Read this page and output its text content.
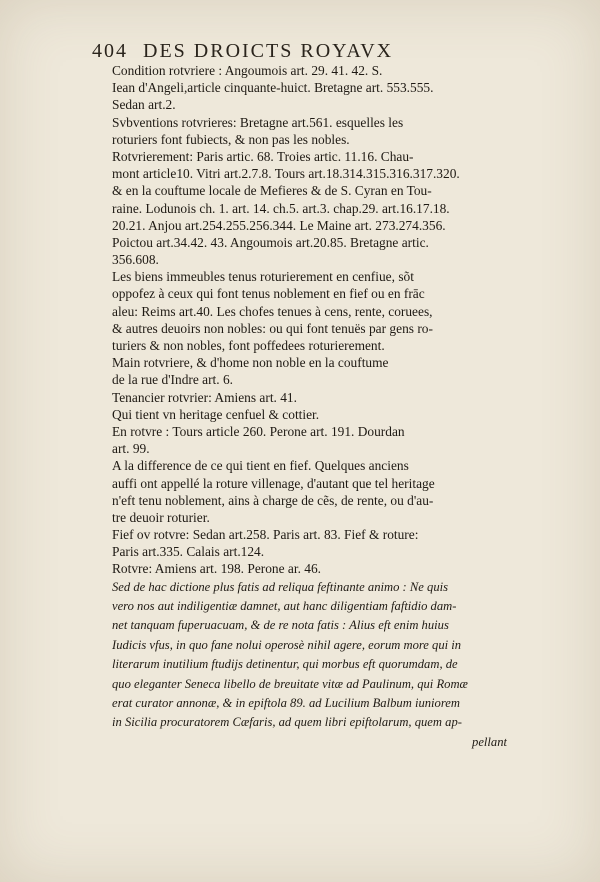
404 DES DROICTS ROYAVX
Condition rotvriere : Angoumois art. 29. 41. 42. S.
Iean d'Angeli,article cinquante-huict. Bretagne art. 553.555.
Sedan art.2.
Svbventions rotvrieres: Bretagne art.561. esquelles les
roturiers font fubiects, & non pas les nobles.
Rotvrierement: Paris artic. 68. Troies artic. 11.16. Chau-
mont article10. Vitri art.2.7.8. Tours art.18.314.315.316.317.320.
& en la couftume locale de Mefieres & de S. Cyran en Tou-
raine. Lodunois ch. 1. art. 14. ch.5. art.3. chap.29. art.16.17.18.
20.21. Anjou art.254.255.256.344. Le Maine art. 273.274.356.
Poictou art.34.42. 43. Angoumois art.20.85. Bretagne artic.
356.608.
Les biens immeubles tenus roturierement en cenfiue, sõt
oppofez à ceux qui font tenus noblement en fief ou en frāc
aleu: Reims art.40. Les chofes tenues à cens, rente, coruees,
& autres deuoirs non nobles: ou qui font tenuës par gens ro-
turiers & non nobles, font poffedees roturierement.
Main rotvriere, & d'home non noble en la couftume
de la rue d'Indre art. 6.
Tenancier rotvrier: Amiens art. 41.
Qui tient vn heritage cenfuel & cottier.
En rotvre : Tours article 260. Perone art. 191. Dourdan
art. 99.
A la difference de ce qui tient en fief. Quelques anciens
auffi ont appellé la roture villenage, d'autant que tel heritage
n'eft tenu noblement, ains à charge de cẽs, de rente, ou d'au-
tre deuoir roturier.
Fief ov rotvre: Sedan art.258. Paris art. 83. Fief & roture:
Paris art.335. Calais art.124.
Rotvre: Amiens art. 198. Perone ar. 46.
Sed de hac dictione plus fatis ad reliqua feftinante animo : Ne quis
vero nos aut indiligentiæ damnet, aut hanc diligentiam faftidio dam-
net tanquam fuperuacuam, & de re nota fatis : Alius eft enim huius
Iudicis vfus, in quo fane nolui operosè nihil agere, eorum more qui in
literarum inutilium ftudijs detinentur, qui morbus eft quorumdam, de
quo eleganter Seneca libello de breuitate vitæ ad Paulinum, qui Romæ
erat curator annonæ, & in epiftola 89. ad Lucilium Balbum iuniorem
in Sicilia procuratorem Cæfaris, ad quem libri epiftolarum, quem ap-
pellant
